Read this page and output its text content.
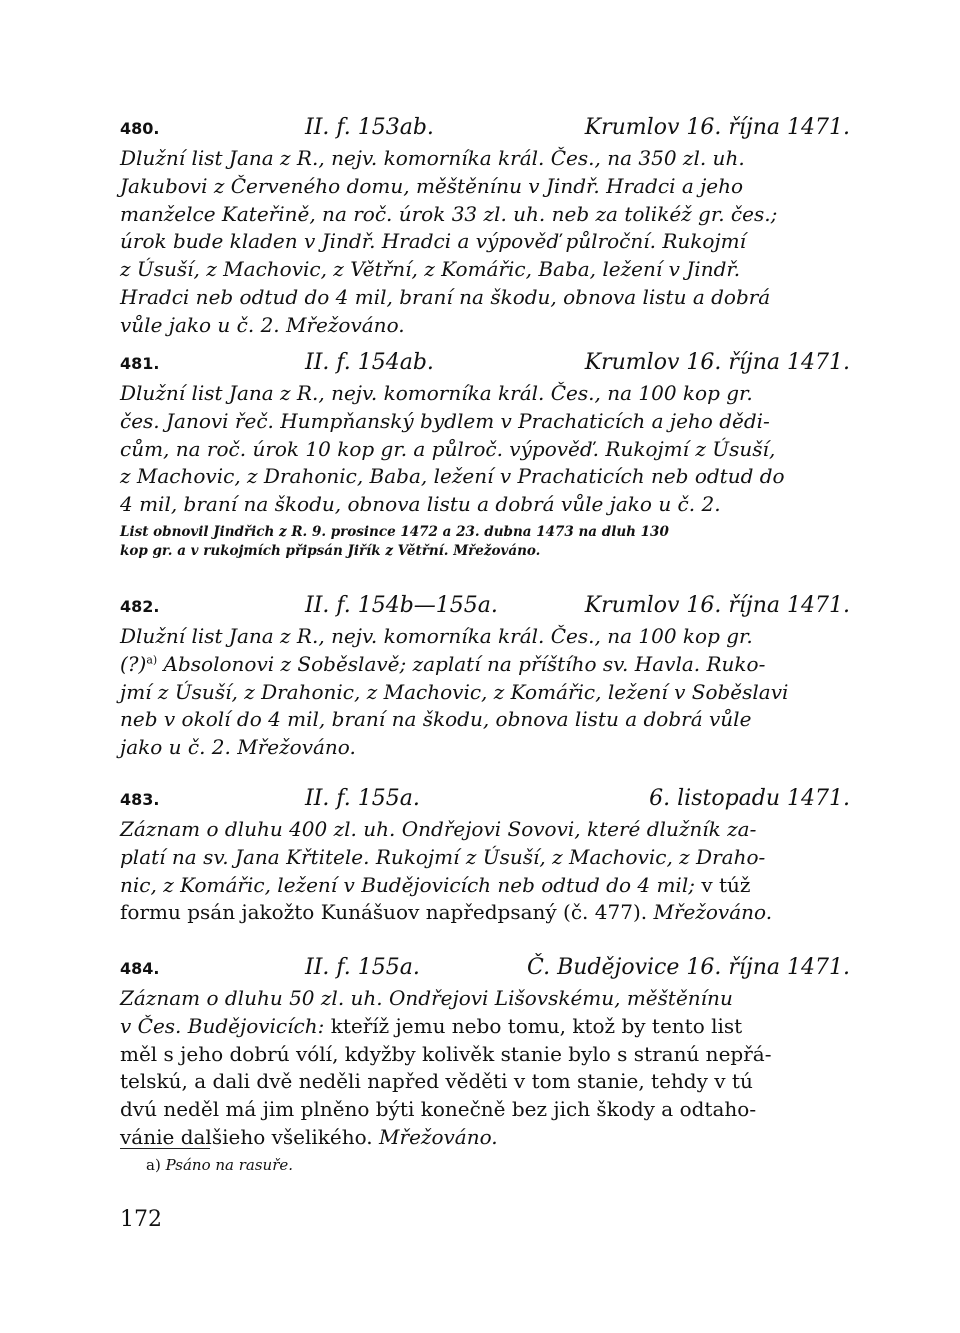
480.	II. f. 153ab.	Krumlov 16. října 1471.
Dlužní list Jana z R., nejv. komorníka král. Čes., na 350 zl. uh.
Jakubovi z Červeného domu, měštěnínu v Jindř. Hradci a jeho
manželce Kateřině, na roč. úrok 33 zl. uh. neb za tolikéž gr. čes.;
úrok bude kladen v Jindř. Hradci a výpověď půlroční. Rukojmí
z Úsuší, z Machovic, z Větřní, z Komářic, Baba, ležení v Jindř.
Hradci neb odtud do 4 mil, braní na škodu, obnova listu a dobrá
vůle jako u č. 2. Mřežováno.
481.	II. f. 154ab.	Krumlov 16. října 1471.
Dlužní list Jana z R., nejv. komorníka král. Čes., na 100 kop gr.
čes. Janovi řeč. Humpňanský bydlem v Prachaticích a jeho dědi-
cům, na roč. úrok 10 kop gr. a půlroč. výpověď. Rukojmí z Úsuší,
z Machovic, z Drahonic, Baba, ležení v Prachaticích neb odtud do
4 mil, braní na škodu, obnova listu a dobrá vůle jako u č. 2.
List obnovil Jindřich z R. 9. prosince 1472 a 23. dubna 1473 na dluh 130
kop gr. a v rukojmích připsán Jiřík z Větřní. Mřežováno.
482.	II. f. 154b—155a.	Krumlov 16. října 1471.
Dlužní list Jana z R., nejv. komorníka král. Čes., na 100 kop gr.
(?)$^{a)}$ Absolonovi z Soběslavě; zaplatí na příštího sv. Havla. Ruko-
jmí z Úsuší, z Drahonic, z Machovic, z Komářic, ležení v Soběslavi
neb v okolí do 4 mil, braní na škodu, obnova listu a dobrá vůle
jako u č. 2. Mřežováno.
483.	II. f. 155a.	6. listopadu 1471.
Záznam o dluhu 400 zl. uh. Ondřejovi Sovovi, které dlužník za-
platí na sv. Jana Křtitele. Rukojmí z Úsuší, z Machovic, z Draho-
nic, z Komářic, ležení v Budějovicích neb odtud do 4 mil; v túž
formu psán jakožto Kunášuov napředpsaný (č. 477). Mřežováno.
484.	II. f. 155a.	Č. Budějovice 16. října 1471.
Záznam o dluhu 50 zl. uh. Ondřejovi Lišovskému, měštěnínu
v Čes. Budějovicích: kteříž jemu nebo tomu, ktož by tento list
měl s jeho dobrú vólí, kdyžby kolivěk stanie bylo s stranú nepřá-
telskú, a dali dvě neděli napřed věděti v tom stanie, tehdy v tú
dvú neděl má jim plněno býti konečně bez jich škody a odtaho-
vánie dalšieho všelikého. Mřežováno.
a) Psáno na rasuře.
172
